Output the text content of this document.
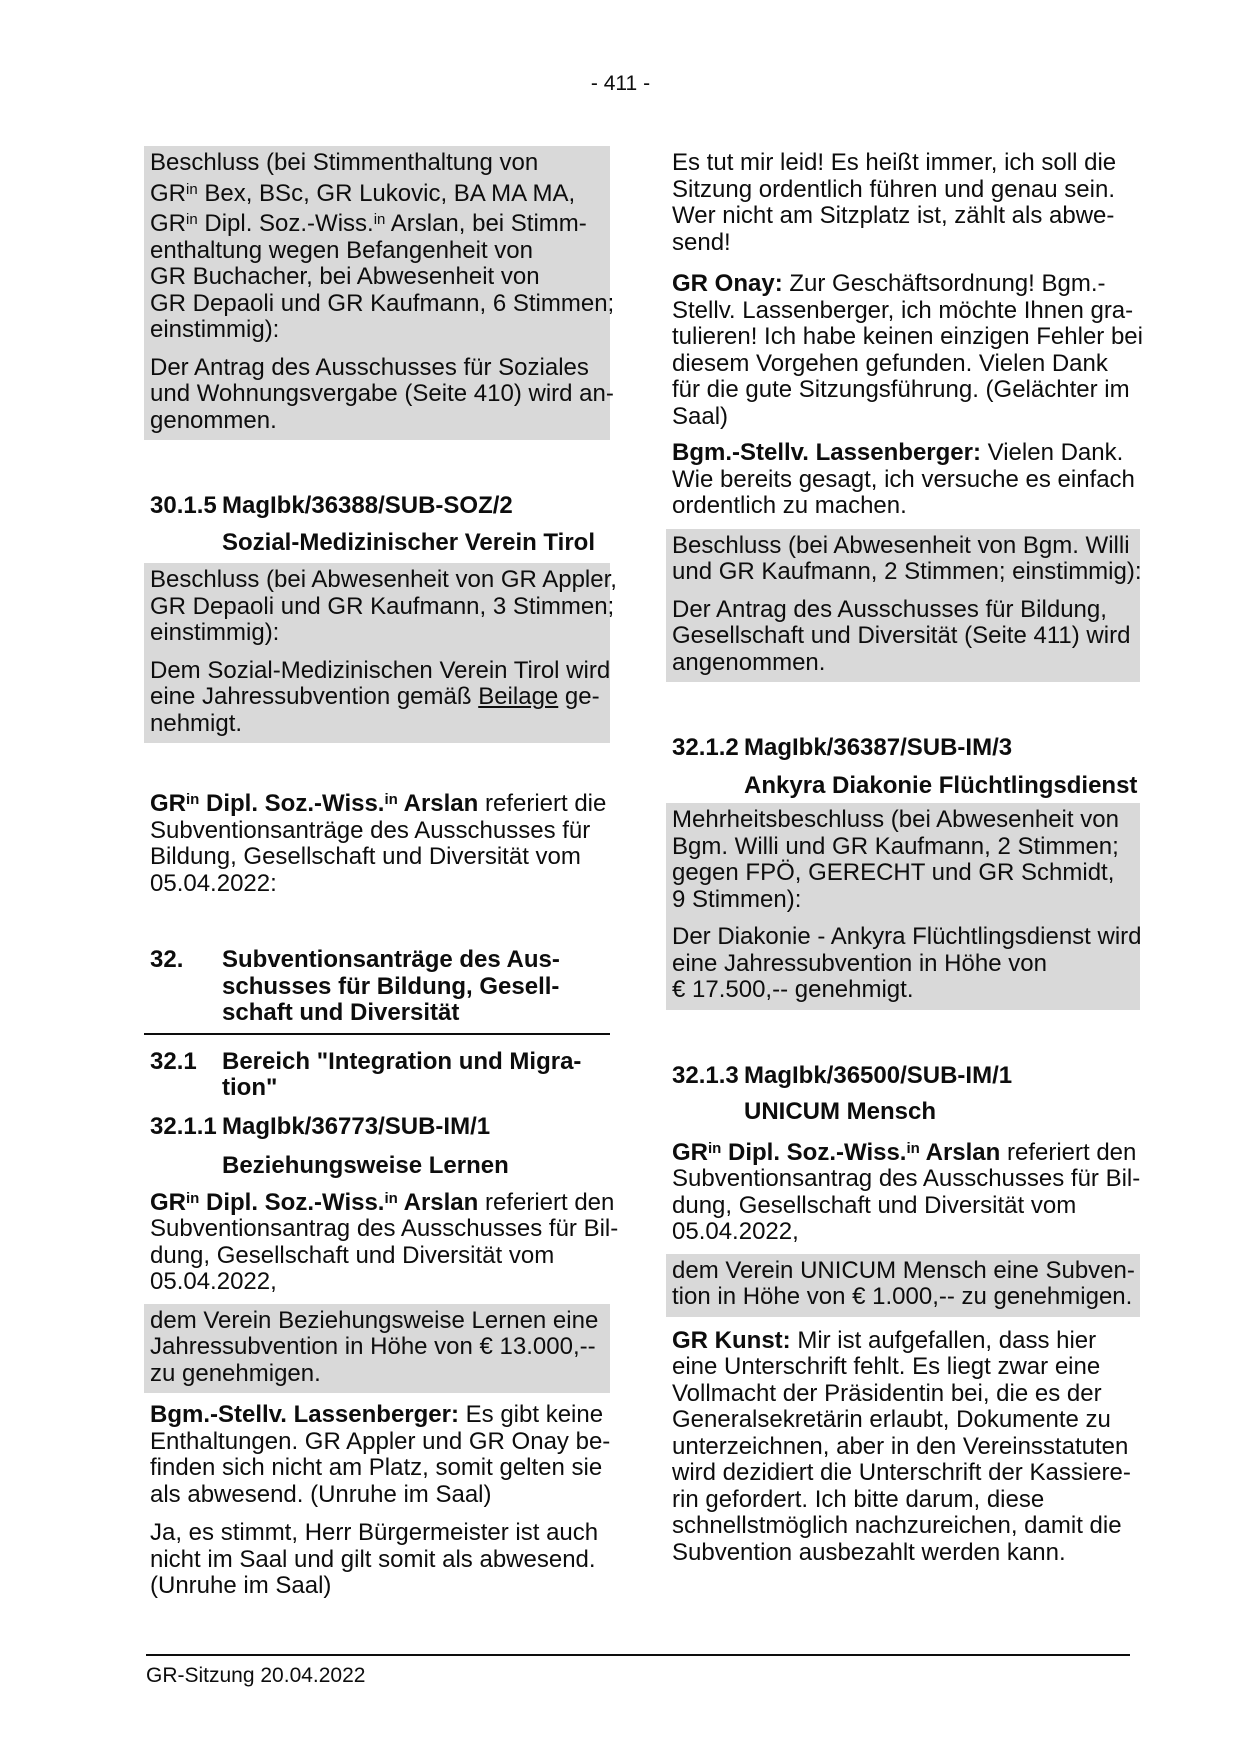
- 411 -

Beschluss (bei Stimmenthaltung von
$GR^{in}$ Bex, BSc, GR Lukovic, BA MA MA,
$GR^{in}$ Dipl. Soz.-Wiss.$^{in}$ Arslan, bei Stimm-
enthaltung wegen Befangenheit von
GR Buchacher, bei Abwesenheit von
GR Depaoli und GR Kaufmann, 6 Stimmen;
einstimmig):

Der Antrag des Ausschusses für Soziales
und Wohnungsvergabe (Seite 410) wird an-
genommen.

30.1.5 MagIbk/36388/SUB-SOZ/2
Sozial-Medizinischer Verein Tirol

Beschluss (bei Abwesenheit von GR Appler,
GR Depaoli und GR Kaufmann, 3 Stimmen;
einstimmig):

Dem Sozial-Medizinischen Verein Tirol wird
eine Jahressubvention gemäß Beilage ge-
nehmigt.

$GR^{in}$ Dipl. Soz.-Wiss.$^{in}$ Arslan referiert die
Subventionsanträge des Ausschusses für
Bildung, Gesellschaft und Diversität vom
05.04.2022:

32.	Subventionsanträge des Aus-
schusses für Bildung, Gesell-
schaft und Diversität
32.1	Bereich "Integration und Migra-
tion"
32.1.1 MagIbk/36773/SUB-IM/1
Beziehungsweise Lernen

$GR^{in}$ Dipl. Soz.-Wiss.$^{in}$ Arslan referiert den
Subventionsantrag des Ausschusses für Bil-
dung, Gesellschaft und Diversität vom
05.04.2022,

dem Verein Beziehungsweise Lernen eine
Jahressubvention in Höhe von € 13.000,--
zu genehmigen.

Bgm.-Stellv. Lassenberger: Es gibt keine
Enthaltungen. GR Appler und GR Onay be-
finden sich nicht am Platz, somit gelten sie
als abwesend. (Unruhe im Saal)

Ja, es stimmt, Herr Bürgermeister ist auch
nicht im Saal und gilt somit als abwesend.
(Unruhe im Saal)

Es tut mir leid! Es heißt immer, ich soll die
Sitzung ordentlich führen und genau sein.
Wer nicht am Sitzplatz ist, zählt als abwe-
send!

GR Onay: Zur Geschäftsordnung! Bgm.-
Stellv. Lassenberger, ich möchte Ihnen gra-
tulieren! Ich habe keinen einzigen Fehler bei
diesem Vorgehen gefunden. Vielen Dank
für die gute Sitzungsführung. (Gelächter im
Saal)

Bgm.-Stellv. Lassenberger: Vielen Dank.
Wie bereits gesagt, ich versuche es einfach
ordentlich zu machen.

Beschluss (bei Abwesenheit von Bgm. Willi
und GR Kaufmann, 2 Stimmen; einstimmig):

Der Antrag des Ausschusses für Bildung,
Gesellschaft und Diversität (Seite 411) wird
angenommen.

32.1.2 MagIbk/36387/SUB-IM/3
Ankyra Diakonie Flüchtlingsdienst

Mehrheitsbeschluss (bei Abwesenheit von
Bgm. Willi und GR Kaufmann, 2 Stimmen;
gegen FPÖ, GERECHT und GR Schmidt,
9 Stimmen):

Der Diakonie - Ankyra Flüchtlingsdienst wird
eine Jahressubvention in Höhe von
€ 17.500,-- genehmigt.

32.1.3 MagIbk/36500/SUB-IM/1
UNICUM Mensch

$GR^{in}$ Dipl. Soz.-Wiss.$^{in}$ Arslan referiert den
Subventionsantrag des Ausschusses für Bil-
dung, Gesellschaft und Diversität vom
05.04.2022,

dem Verein UNICUM Mensch eine Subven-
tion in Höhe von € 1.000,-- zu genehmigen.

GR Kunst: Mir ist aufgefallen, dass hier
eine Unterschrift fehlt. Es liegt zwar eine
Vollmacht der Präsidentin bei, die es der
Generalsekretärin erlaubt, Dokumente zu
unterzeichnen, aber in den Vereinsstatuten
wird dezidiert die Unterschrift der Kassiere-
rin gefordert. Ich bitte darum, diese
schnellstmöglich nachzureichen, damit die
Subvention ausbezahlt werden kann.

GR-Sitzung 20.04.2022
